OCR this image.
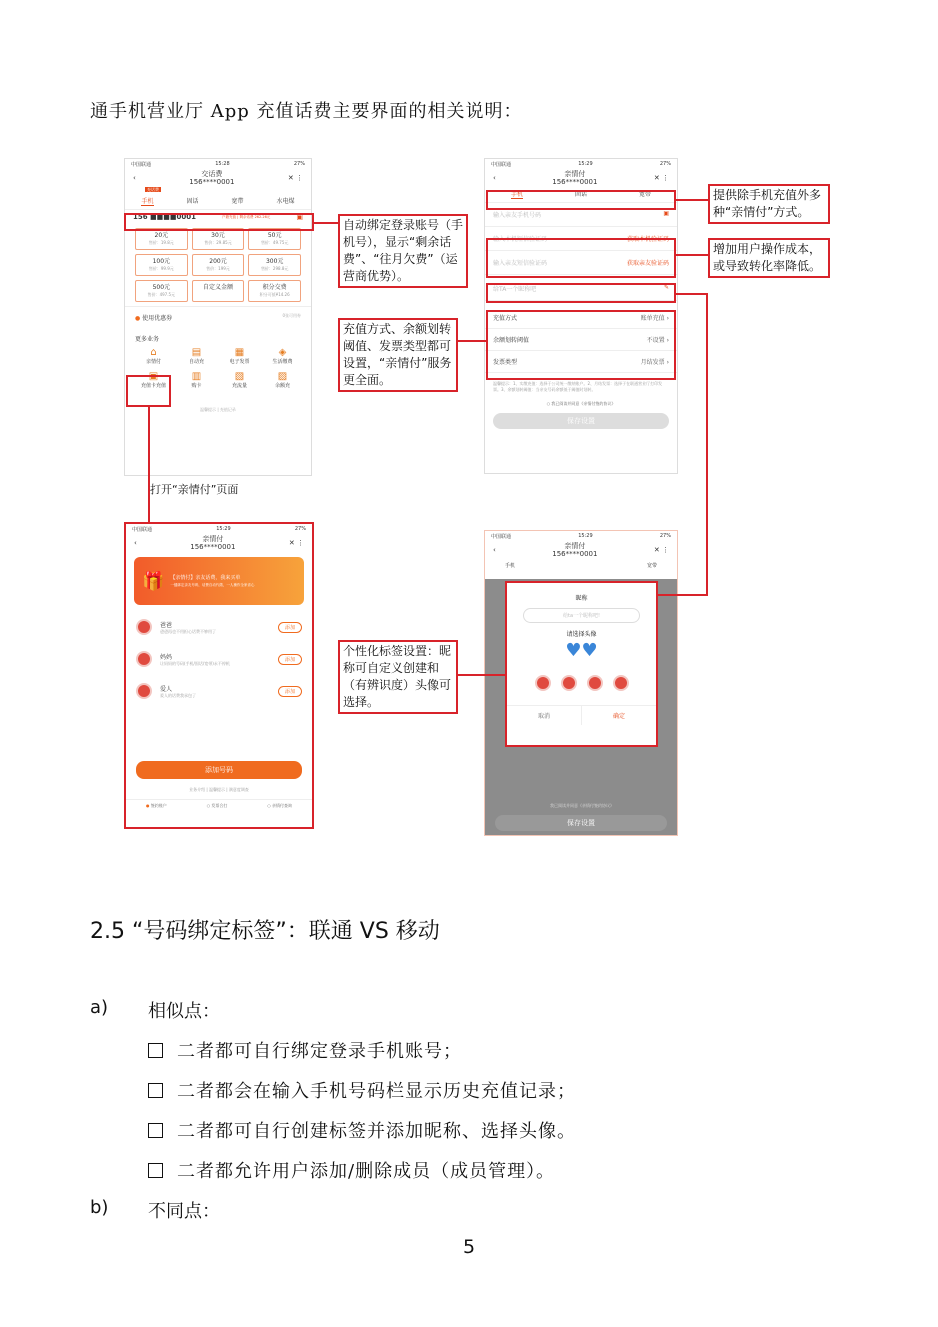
通手机营业厅 App 充值话费主要界面的相关说明：
中国联通	15:28	27%
‹	交话费
156****0001	✕ ⋮
充话费
手机	固话	宽带	水电煤
156 ■■■■0001	户籍充值 | 剩余话费 262.26元	▣
20元
售价：19.8元
30元
售价：29.85元
50元
售价：49.75元
100元
售价：99.9元
200元
售价：199元
300元
售价：298.8元
500元
售价：497.5元
自定义金额	积分交费
积分可抵¥14.26
● 使用优惠券	0张可用券
更多业务
⌂
亲情付
▤
自动充
▦
电子发票
◈
生活缴费
▣
充值卡充值
▥
购卡
▧
充流量
▨
余额充
温馨提示 | 充值记录
中国联通	15:29	27%
‹	亲情付
156****0001	✕ ⋮
手机	固话	宽带
输入亲友手机号码	▣
输入本机短信验证码	获取本机验证码
输入亲友短信验证码	获取亲友验证码
给TA一个昵称吧	✎
充值方式	账单充值 ›
余额划转阈值	不设置 ›
发票类型	月结发票 ›
温馨提示：1、实缴充值：选择于公司统一缴纳账户。2、月结发票：选择于在联通营业厅打印发票。3、余额划转阈值：当亲友号码余额低于阈值时划转。
○ 我已阅读并同意《亲情付签约协议》
保存设置
中国联通	15:29	27%
‹	亲情付
156****0001	✕ ⋮
🎁 【亲情付】亲友话费，我来买单
一键绑定亲友号码，话费自动代缴，一人操作全家省心
爸爸
爸爸再也不用担心话费不够用了
添加
妈妈
让妈妈的号码(手机/固话/宽带)永不停机
添加
爱人
爱人的话费我承包了
添加
添加号码
业务介绍 | 温馨提示 | 满意度调查
● 签约账户	○ 发票合打	○ 亲情付查询
中国联通	15:29	27%
‹	亲情付
156****0001	✕ ⋮
手机	宽带
我已阅读并同意《亲情付签约协议》
保存设置
昵称
给ta一个昵称吧!
请选择头像
♥♥
取消	确定
自动绑定登录账号（手机号），显示“剩余话费”、“往月欠费”（运营商优势）。
充值方式、余额划转阈值、发票类型都可设置，“亲情付”服务更全面。
提供除手机充值外多种“亲情付”方式。
增加用户操作成本，或导致转化率降低。
个性化标签设置：昵称可自定义创建和（有辨识度）头像可选择。
打开“亲情付”页面
2.5 “号码绑定标签”：联通 VS 移动
a) 相似点：
二者都可自行绑定登录手机账号；
二者都会在输入手机号码栏显示历史充值记录；
二者都可自行创建标签并添加昵称、选择头像。
二者都允许用户添加/删除成员（成员管理）。
b) 不同点：
5
